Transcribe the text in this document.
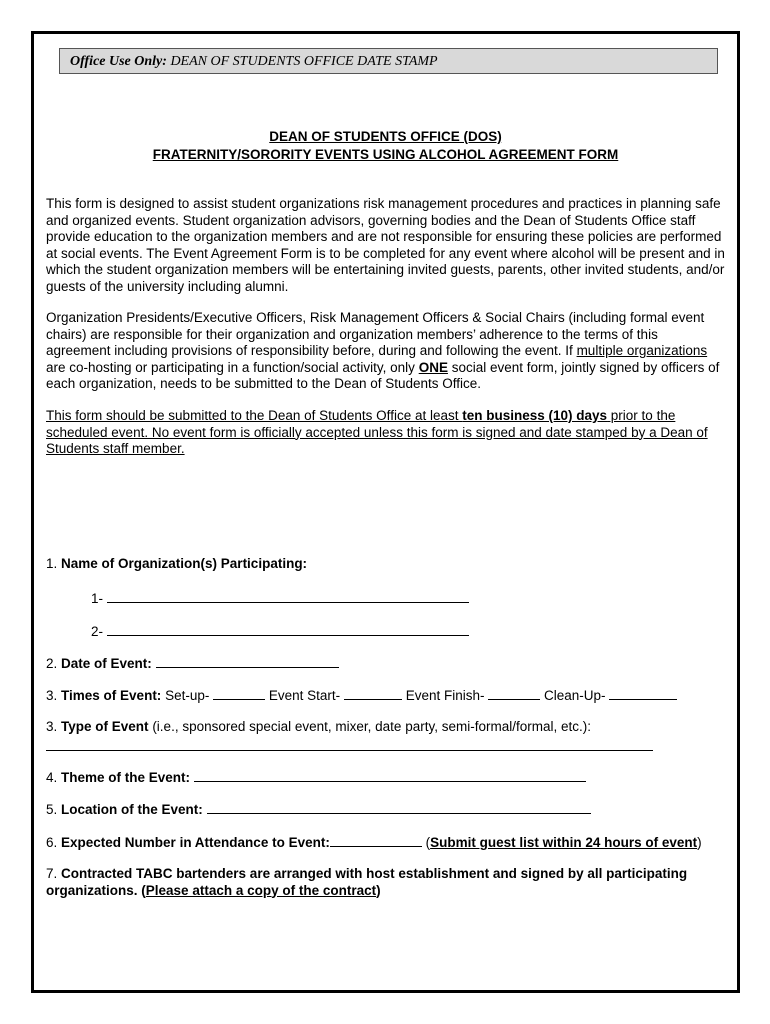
Office Use Only: DEAN OF STUDENTS OFFICE DATE STAMP
DEAN OF STUDENTS OFFICE (DOS)
FRATERNITY/SORORITY EVENTS USING ALCOHOL AGREEMENT FORM
This form is designed to assist student organizations risk management procedures and practices in planning safe and organized events. Student organization advisors, governing bodies and the Dean of Students Office staff provide education to the organization members and are not responsible for ensuring these policies are performed at social events. The Event Agreement Form is to be completed for any event where alcohol will be present and in which the student organization members will be entertaining invited guests, parents, other invited students, and/or guests of the university including alumni.
Organization Presidents/Executive Officers, Risk Management Officers & Social Chairs (including formal event chairs) are responsible for their organization and organization members’ adherence to the terms of this agreement including provisions of responsibility before, during and following the event. If multiple organizations are co-hosting or participating in a function/social activity, only ONE social event form, jointly signed by officers of each organization, needs to be submitted to the Dean of Students Office.
This form should be submitted to the Dean of Students Office at least ten business (10) days prior to the scheduled event. No event form is officially accepted unless this form is signed and date stamped by a Dean of Students staff member.
1. Name of Organization(s) Participating:
1-
2-
2. Date of Event:
3. Times of Event: Set-up-	Event Start-	Event Finish-	Clean-Up-
3. Type of Event (i.e., sponsored special event, mixer, date party, semi-formal/formal, etc.):
4. Theme of the Event:
5. Location of the Event:
6. Expected Number in Attendance to Event:	(Submit guest list within 24 hours of event)
7. Contracted TABC bartenders are arranged with host establishment and signed by all participating organizations. (Please attach a copy of the contract)
